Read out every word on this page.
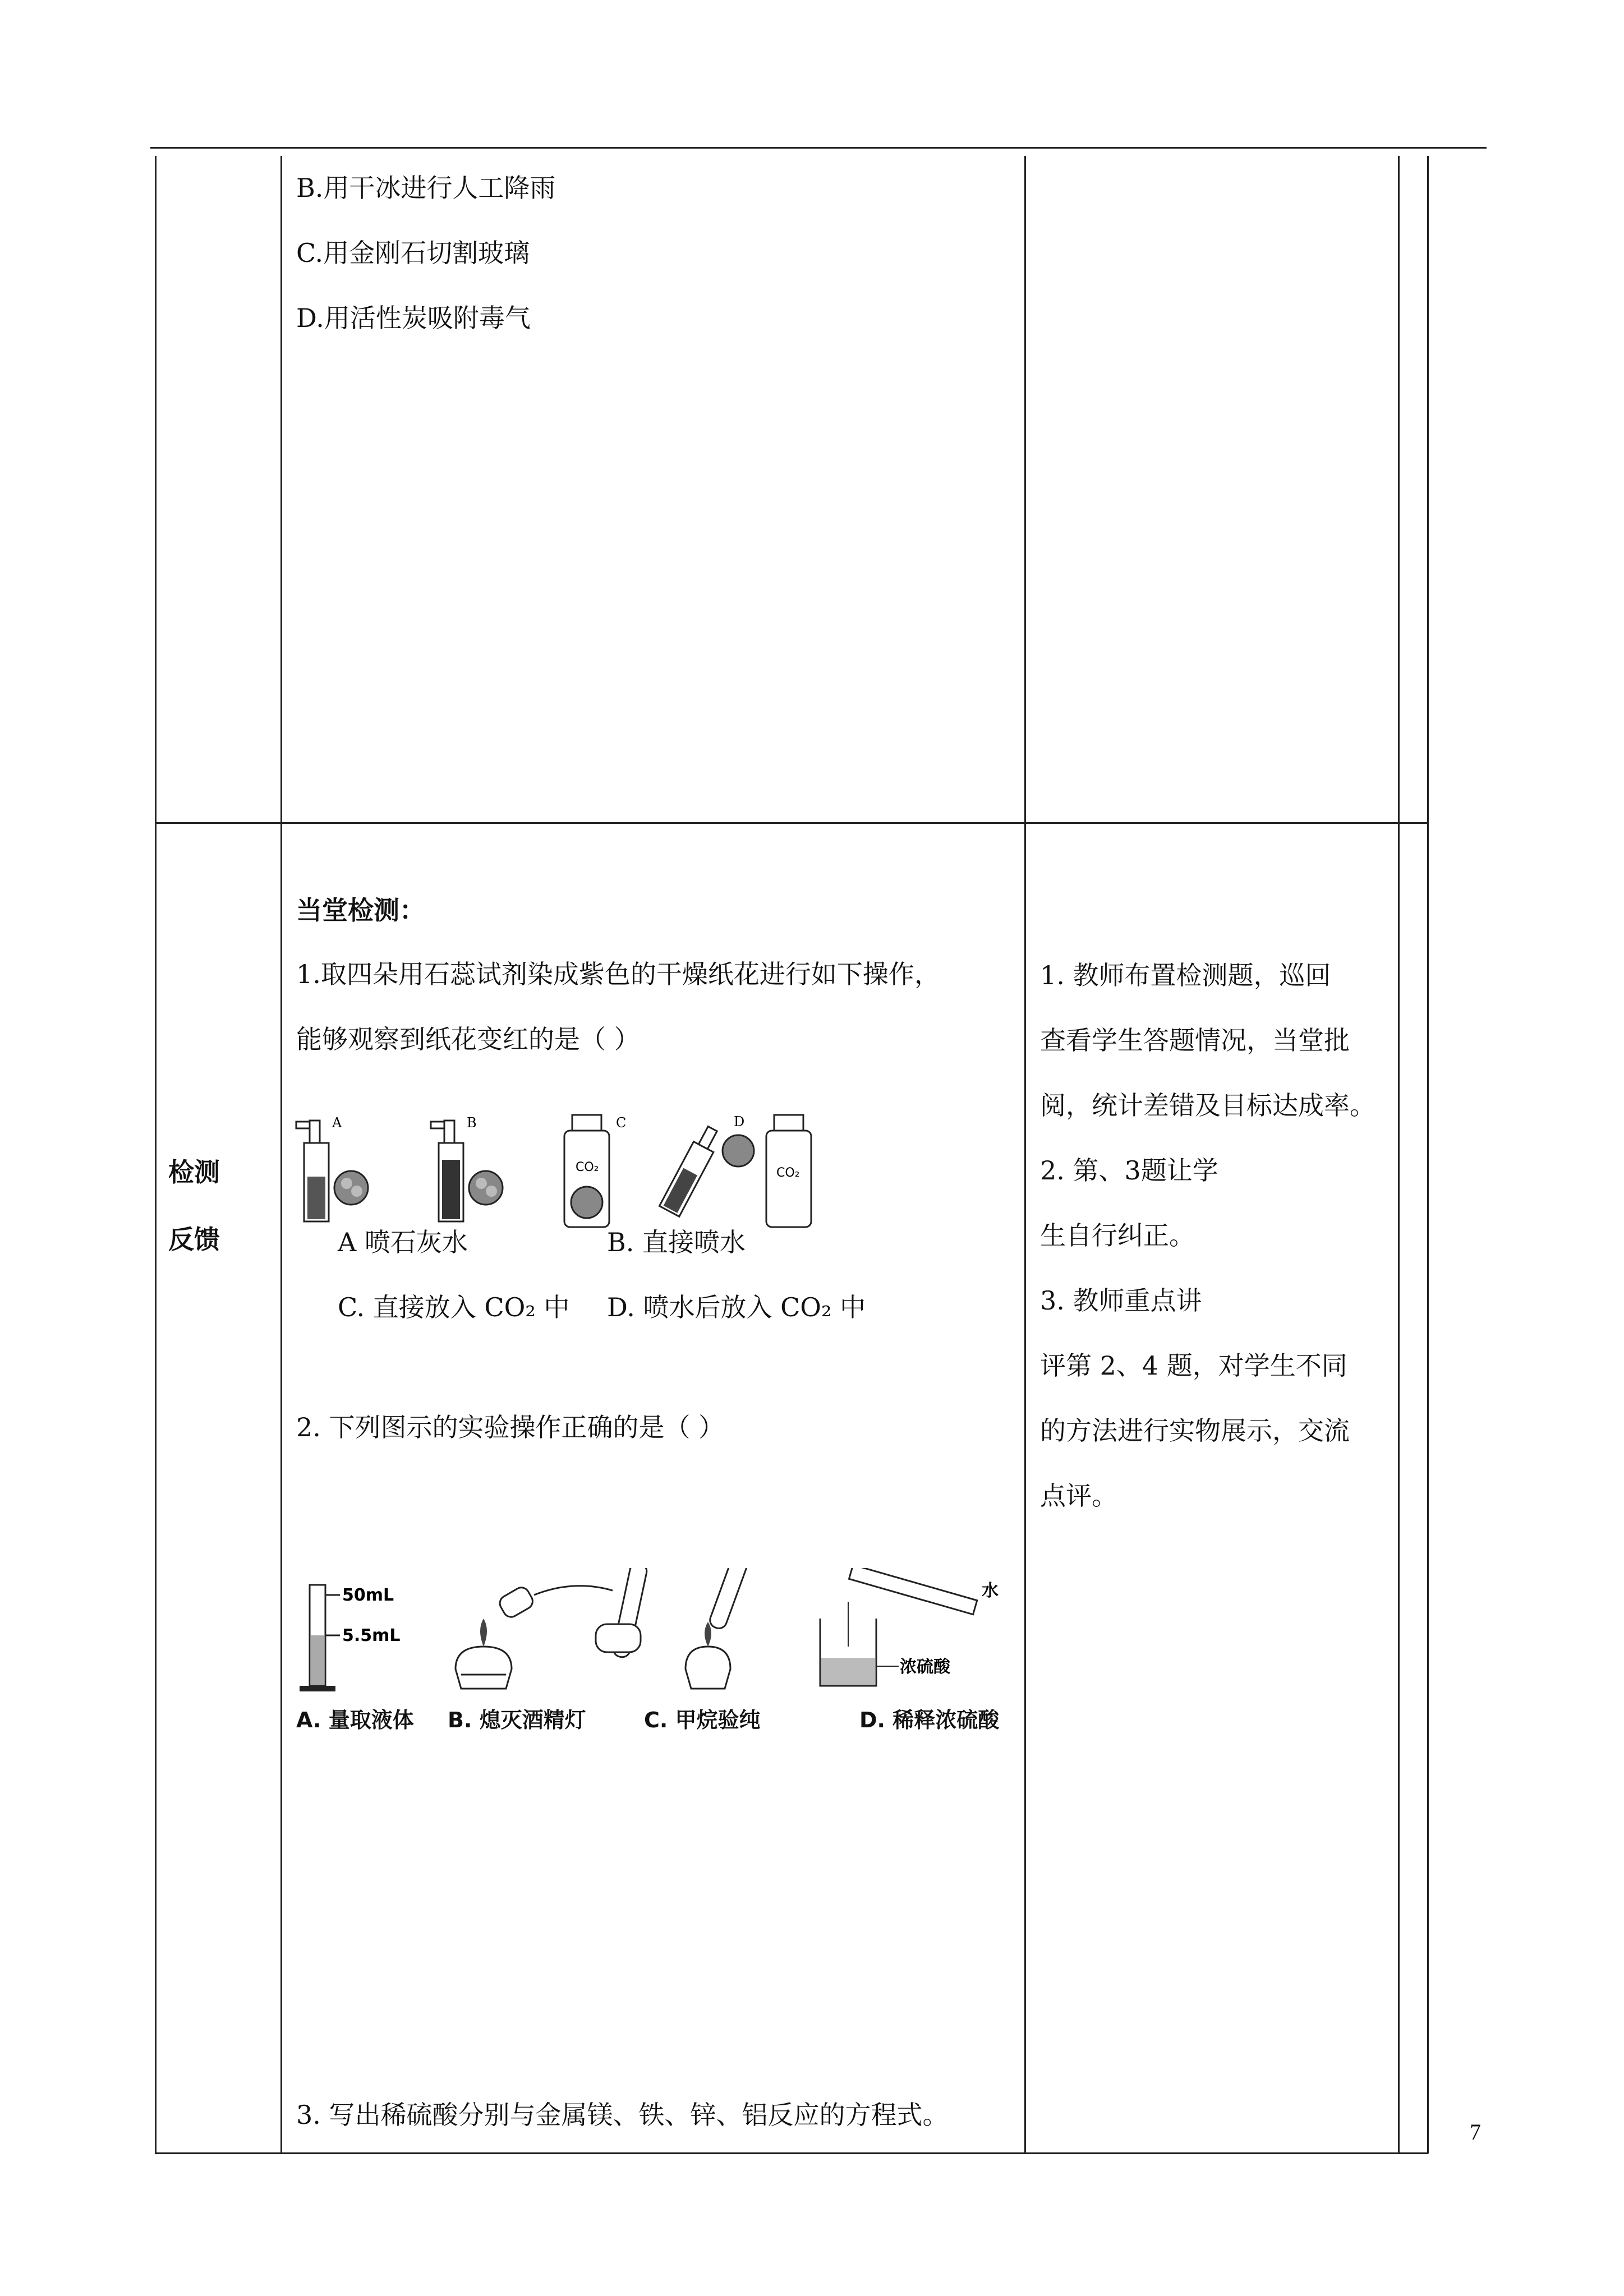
B.用干冰进行人工降雨
C.用金刚石切割玻璃
D.用活性炭吸附毒气
检测
反馈
当堂检测：
1.取四朵用石蕊试剂染成紫色的干燥纸花进行如下操作，
能够观察到纸花变红的是（ ）
A	B
CO₂
C	D
CO₂
A 喷石灰水	B. 直接喷水
C. 直接放入 CO₂ 中 D. 喷水后放入 CO₂ 中
2. 下列图示的实验操作正确的是（ ）
50mL
5.5mL
水
浓硫酸
A. 量取液体 B. 熄灭酒精灯	C. 甲烷验纯	D. 稀释浓硫酸
3. 写出稀硫酸分别与金属镁、铁、锌、铝反应的方程式。
1. 教师布置检测题，巡回
查看学生答题情况，当堂批
阅，统计差错及目标达成率。
2. 第、3题让学
生自行纠正。
3. 教师重点讲
评第 2、4 题，对学生不同
的方法进行实物展示，交流
点评。
7
